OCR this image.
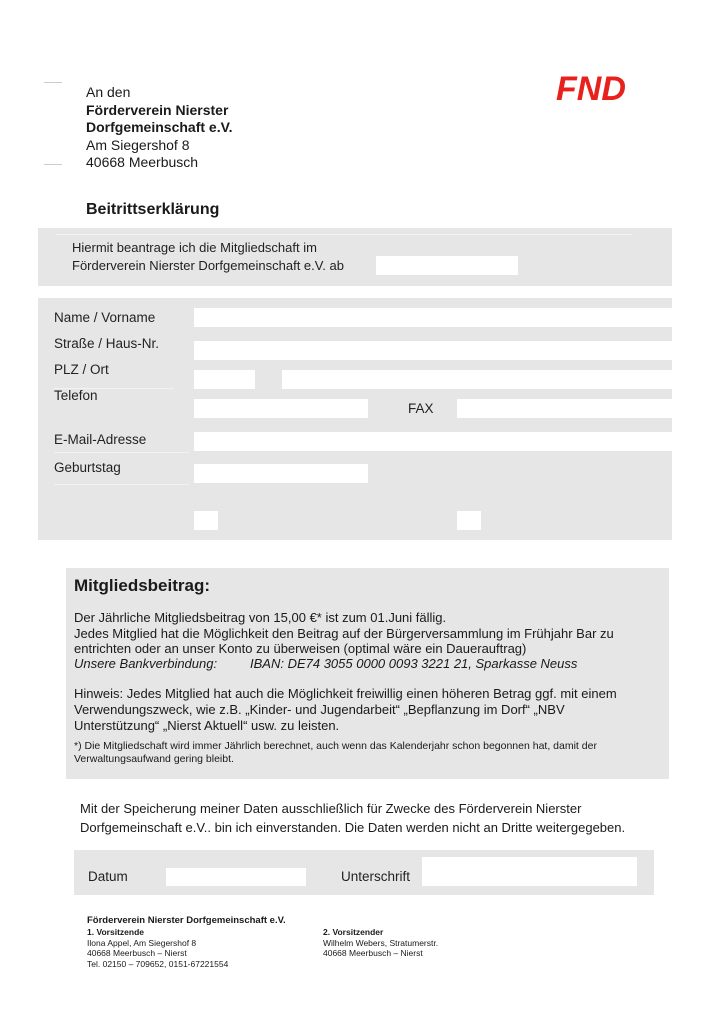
An den
Förderverein Nierster
Dorfgemeinschaft e.V.
Am Siegershof 8
40668 Meerbusch
FND
Beitrittserklärung
Hiermit beantrage ich die Mitgliedschaft im
Förderverein Nierster Dorfgemeinschaft e.V. ab
Name / Vorname
Straße / Haus-Nr.
PLZ / Ort
Telefon
FAX
E-Mail-Adresse
Geburtstag
Mitgliedsbeitrag:
Der Jährliche Mitgliedsbeitrag von 15,00 €* ist zum 01.Juni fällig.
Jedes Mitglied hat die Möglichkeit den Beitrag auf der Bürgerversammlung im Frühjahr Bar zu
entrichten oder an unser Konto zu überweisen (optimal wäre ein Dauerauftrag)
Unsere Bankverbindung:	IBAN: DE74 3055 0000 0093 3221 21, Sparkasse Neuss
Hinweis: Jedes Mitglied hat auch die Möglichkeit freiwillig einen höheren Betrag ggf. mit einem
Verwendungszweck, wie z.B. „Kinder- und Jugendarbeit“ „Bepflanzung im Dorf“ „NBV
Unterstützung“ „Nierst Aktuell“ usw. zu leisten.
*) Die Mitgliedschaft wird immer Jährlich berechnet, auch wenn das Kalenderjahr schon begonnen hat, damit der
Verwaltungsaufwand gering bleibt.
Mit der Speicherung meiner Daten ausschließlich für Zwecke des Förderverein Nierster
Dorfgemeinschaft e.V.. bin ich einverstanden. Die Daten werden nicht an Dritte weitergegeben.
Datum	Unterschrift
Förderverein Nierster Dorfgemeinschaft e.V.
1. Vorsitzende
Ilona Appel, Am Siegershof 8
40668 Meerbusch – Nierst
Tel. 02150 – 709652, 0151-67221554
2. Vorsitzender
Wilhelm Webers, Stratumerstr.
40668 Meerbusch – Nierst
